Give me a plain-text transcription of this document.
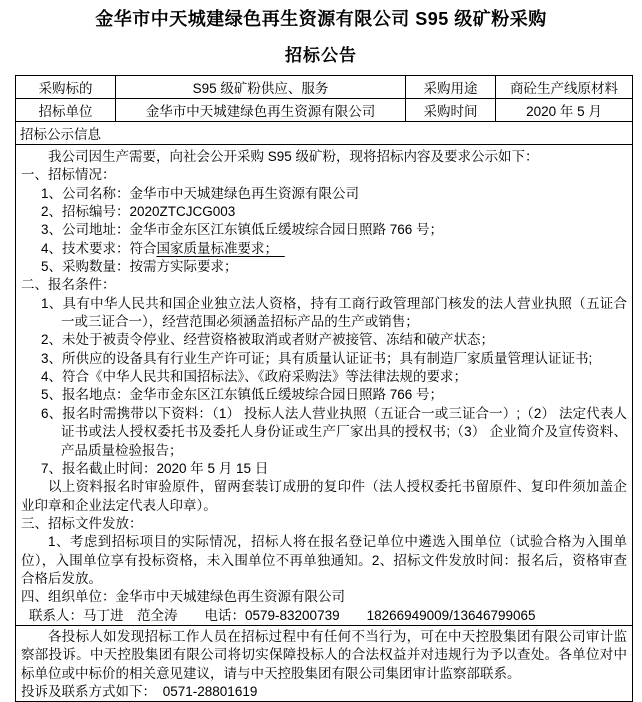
金华市中天城建绿色再生资源有限公司 S95 级矿粉采购
招标公告
采购标的	S95 级矿粉供应、服务	采购用途	商砼生产线原材料
招标单位	金华市中天城建绿色再生资源有限公司	采购时间	2020 年 5 月
招标公示信息			

我公司因生产需要，向社会公开采购 S95 级矿粉，现将招标内容及要求公示如下：
一、招标情况：
1、公司名称：金华市中天城建绿色再生资源有限公司
2、招标编号：2020ZTCJCG003
3、公司地址：金华市金东区江东镇低丘缓坡综合园日照路 766 号；
4、技术要求：符合国家质量标准要求；　
5、采购数量：按需方实际要求；
二、报名条件：
1、具有中华人民共和国企业独立法人资格，持有工商行政管理部门核发的法人营业执照（五证合一或三证合一），经营范围必须涵盖招标产品的生产或销售；
2、未处于被责令停业、经营资格被取消或者财产被接管、冻结和破产状态；
3、所供应的设备具有行业生产许可证；具有质量认证证书；具有制造厂家质量管理认证证书;
4、符合《中华人民共和国招标法》、《政府采购法》等法律法规的要求；
5、报名地点：金华市金东区江东镇低丘缓坡综合园日照路 766 号；
6、报名时需携带以下资料：（1） 投标人法人营业执照（五证合一或三证合一）;（2） 法定代表人证书或法人授权委托书及委托人身份证或生产厂家出具的授权书;（3） 企业简介及宣传资料、产品质量检验报告；
7、报名截止时间：2020 年 5 月 15 日
以上资料报名时审验原件，留两套装订成册的复印件（法人授权委托书留原件、复印件须加盖企业印章和企业法定代表人印章）。
三、招标文件发放：
1、考虑到招标项目的实际情况，招标人将在报名登记单位中遴选入围单位（试验合格为入围单位），入围单位享有投标资格，未入围单位不再单独通知。2、招标文件发放时间：报名后，资格审查合格后发放。
四、组织单位：金华市中天城建绿色再生资源有限公司
联系人：马丁进　范全涛　　电话：0579-83200739　　18266949009/13646799065

各投标人如发现招标工作人员在招标过程中有任何不当行为，可在中天控股集团有限公司审计监察部投诉。中天控股集团有限公司将切实保障投标人的合法权益并对违规行为予以查处。各单位对中标单位或中标价的相关意见建议，请与中天控股集团有限公司集团审计监察部联系。
投诉及联系方式如下：　0571-28801619			
